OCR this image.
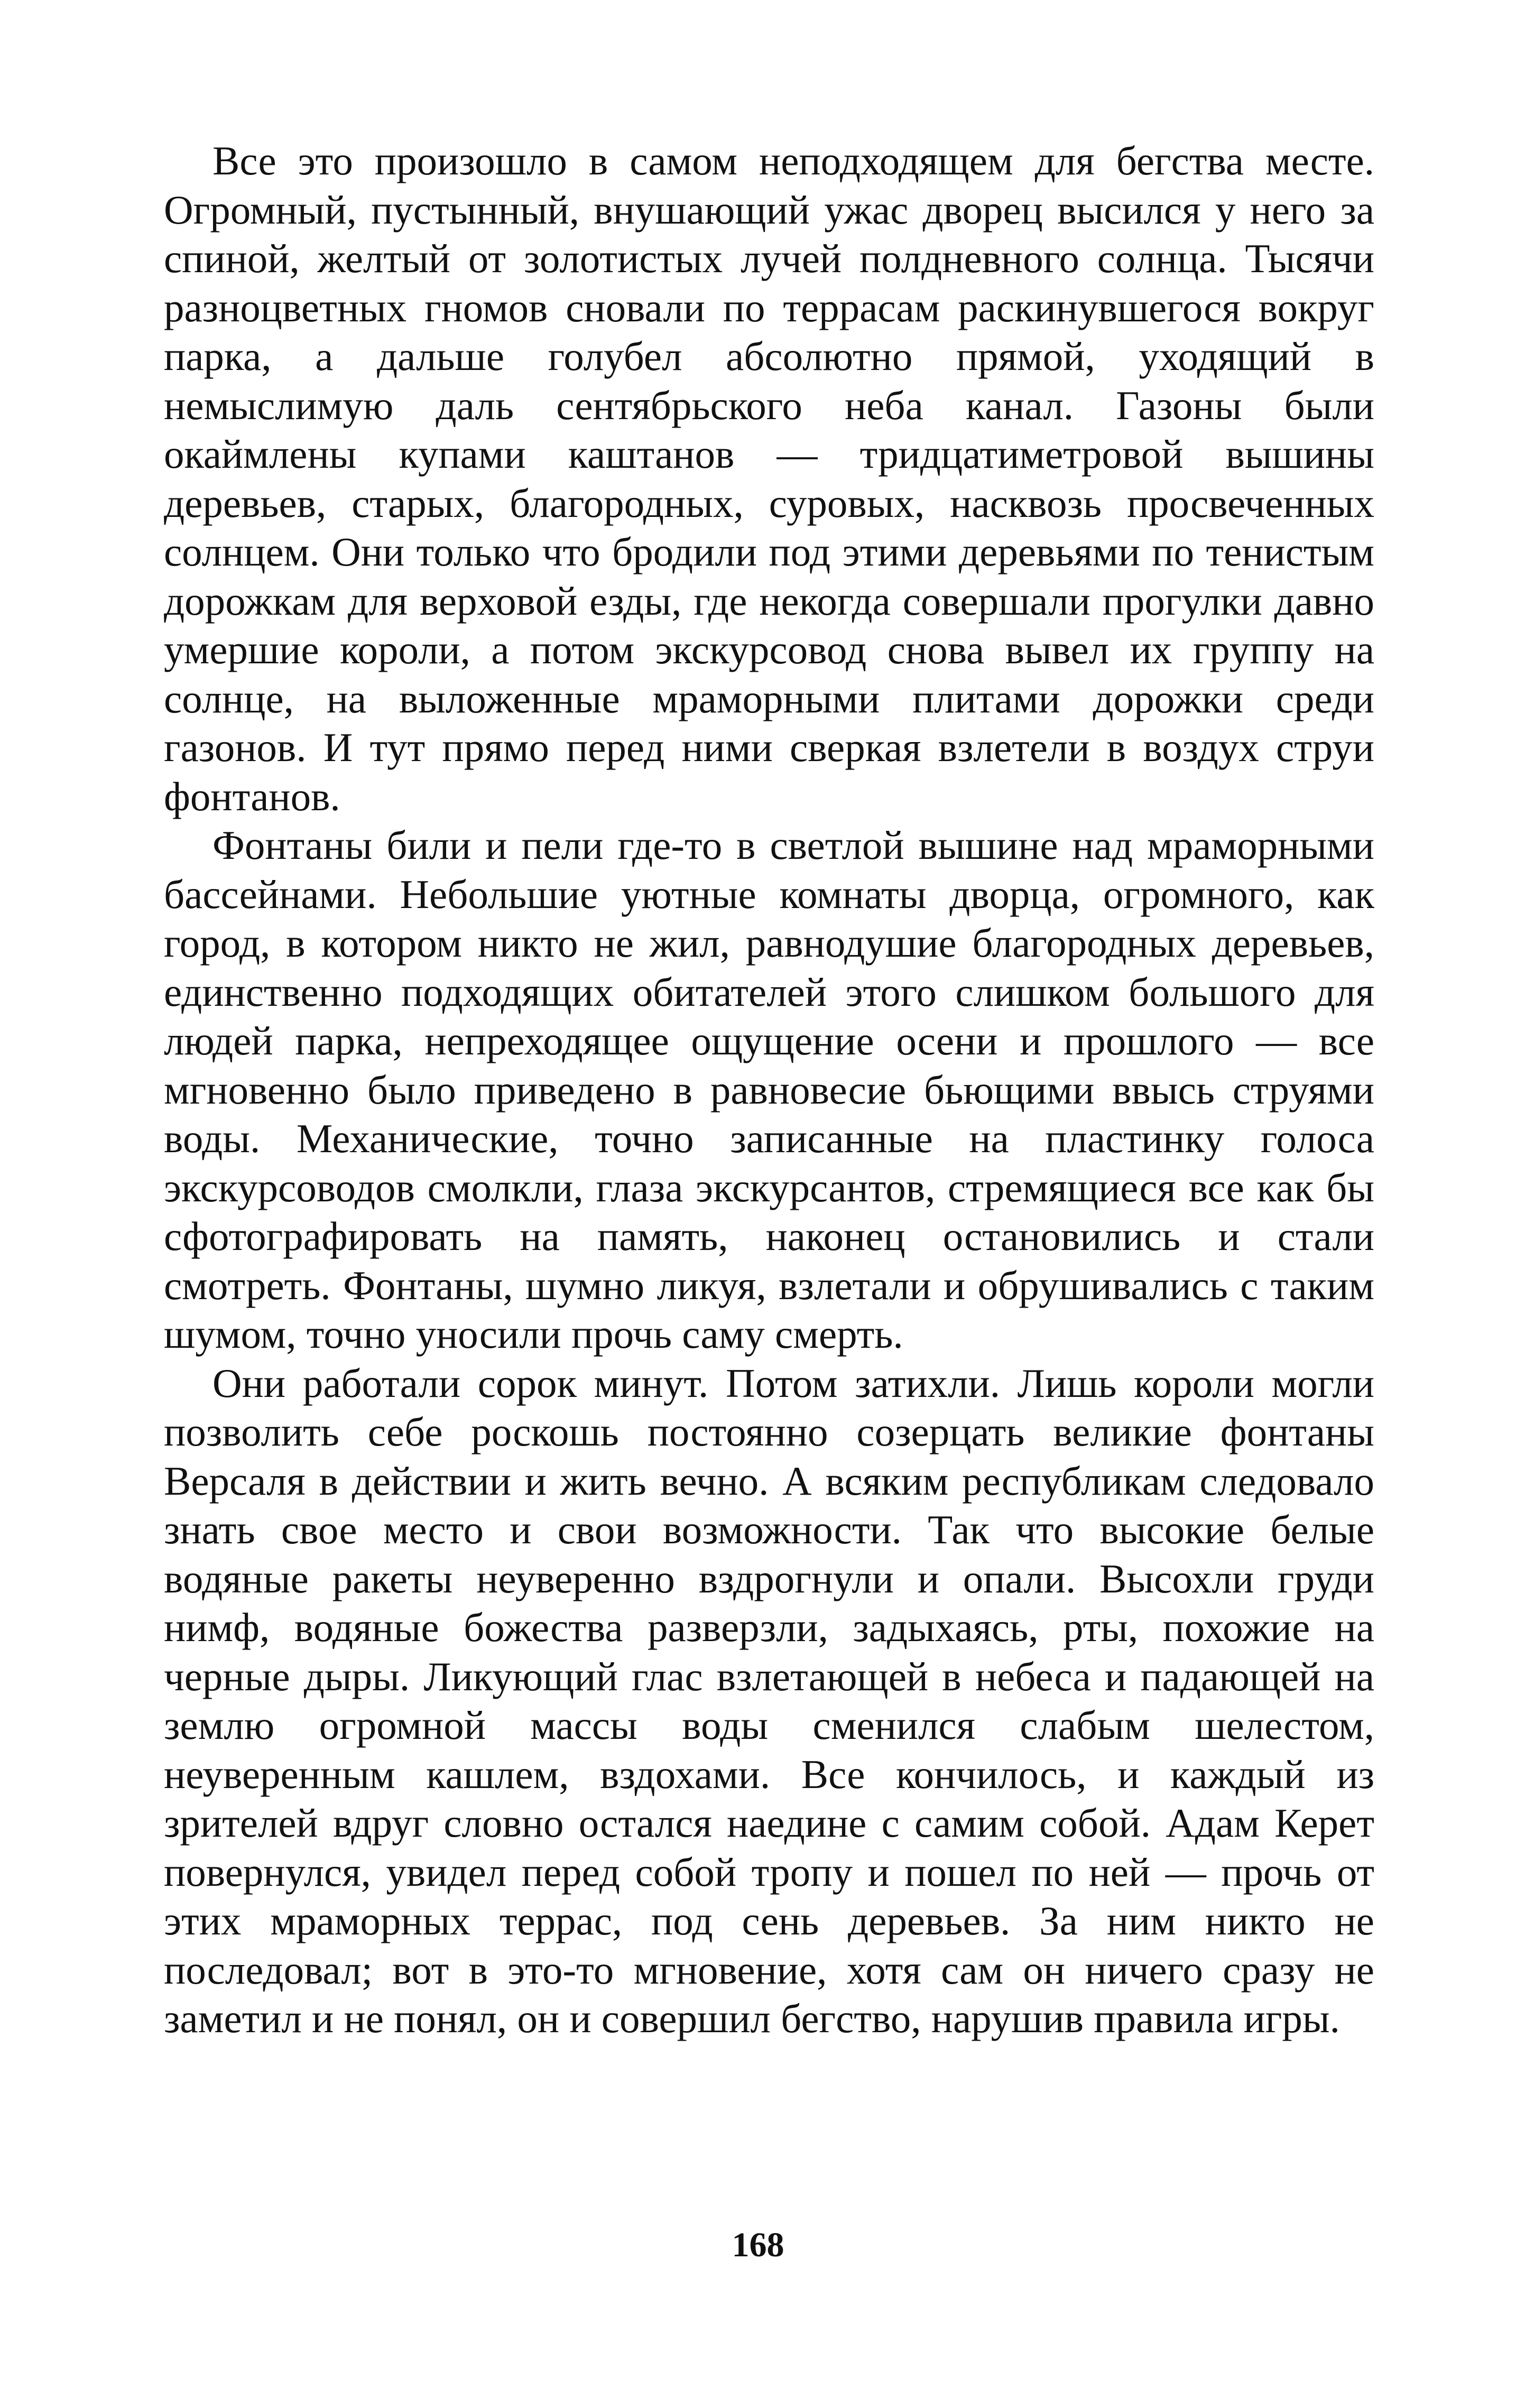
Все это произошло в самом неподходящем для бегства месте. Огромный, пустынный, внушающий ужас дворец высился у него за спиной, желтый от золотистых лучей полдневного солнца. Тысячи разноцветных гномов сновали по террасам раскинувшегося вокруг парка, а дальше голубел абсолютно прямой, уходящий в немыслимую даль сентябрьского неба канал. Газоны были окаймлены купами каштанов — тридцатиметровой вышины деревьев, старых, благородных, суровых, насквозь просвеченных солнцем. Они только что бродили под этими деревьями по тенистым дорожкам для верховой езды, где некогда совершали прогулки давно умершие короли, а потом экскурсовод снова вывел их группу на солнце, на выложенные мраморными плитами дорожки среди газонов. И тут прямо перед ними сверкая взлетели в воздух струи фонтанов.

Фонтаны били и пели где-то в светлой вышине над мраморными бассейнами. Небольшие уютные комнаты дворца, огромного, как город, в котором никто не жил, равнодушие благородных деревьев, единственно подходящих обитателей этого слишком большого для людей парка, непреходящее ощущение осени и прошлого — все мгновенно было приведено в равновесие бьющими ввысь струями воды. Механические, точно записанные на пластинку голоса экскурсоводов смолкли, глаза экскурсантов, стремящиеся все как бы сфотографировать на память, наконец остановились и стали смотреть. Фонтаны, шумно ликуя, взлетали и обрушивались с таким шумом, точно уносили прочь саму смерть.

Они работали сорок минут. Потом затихли. Лишь короли могли позволить себе роскошь постоянно созерцать великие фонтаны Версаля в действии и жить вечно. А всяким республикам следовало знать свое место и свои возможности. Так что высокие белые водяные ракеты неуверенно вздрогнули и опали. Высохли груди нимф, водяные божества разверзли, задыхаясь, рты, похожие на черные дыры. Ликующий глас взлетающей в небеса и падающей на землю огромной массы воды сменился слабым шелестом, неуверенным кашлем, вздохами. Все кончилось, и каждый из зрителей вдруг словно остался наедине с самим собой. Адам Керет повернулся, увидел перед собой тропу и пошел по ней — прочь от этих мраморных террас, под сень деревьев. За ним никто не последовал; вот в это-то мгновение, хотя сам он ничего сразу не заметил и не понял, он и совершил бегство, нарушив правила игры.

168
